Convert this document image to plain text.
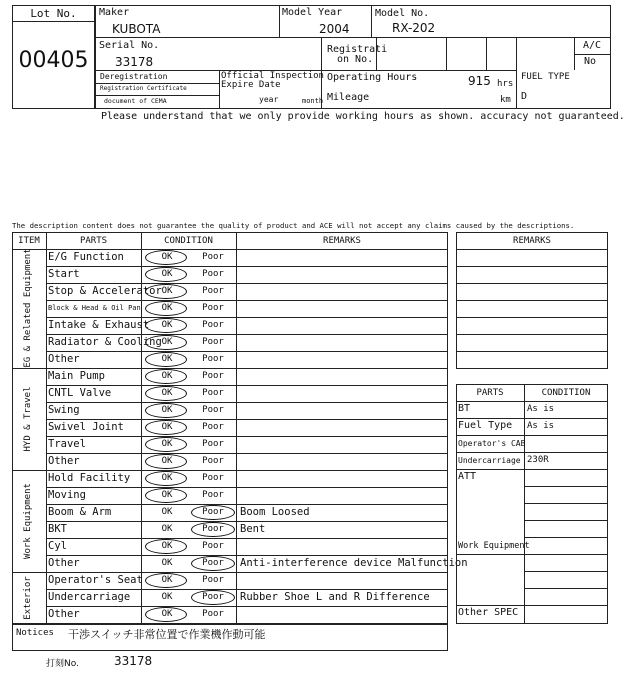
Lot No.
00405
Maker
KUBOTA
Model Year
2004
Model No.
RX-202
Serial No.
33178
Registrati
on No.
A/C
No
Deregistration
Registration Certificate
document of CEMA
Official Inspection
Expire Date
year	month
Operating Hours	915 hrs
Mileage	km
FUEL TYPE
D
Please understand that we only provide working hours as shown. accuracy not guaranteed.
The description content does not guarantee the quality of product and ACE will not accept any claims caused by the descriptions.
ITEM	PARTS	CONDITION	REMARKS
EG & Related Equipment
HYD & Travel
Work Equipment
Exterior
E/G Function	OK	Poor
Start	OK	Poor
Stop & Accelerator OK	Poor
Block & Head & Oil Pan	OK	Poor
Intake & Exhaust	OK	Poor
Radiator & Cooling OK	Poor
Other	OK	Poor
Main Pump	OK	Poor
CNTL Valve	OK	Poor
Swing	OK	Poor
Swivel Joint	OK	Poor
Travel	OK	Poor
Other	OK	Poor
Hold Facility	OK	Poor
Moving	OK	Poor
Boom & Arm	OK	Poor	Boom Loosed
BKT	OK	Poor	Bent
Cyl	OK	Poor
Other	OK	Poor	Anti-interference device Malfunction
Operator's Seat	OK	Poor
Undercarriage	OK	Poor	Rubber Shoe L and R Difference
Other	OK	Poor
Notices 干渉スイッチ非常位置で作業機作動可能
打刻No.	33178
REMARKS
PARTS	CONDITION
BT	As is
Fuel Type As is
Operator's CAB
Undercarriage 230R
ATT
Work Equipment
Other SPEC
